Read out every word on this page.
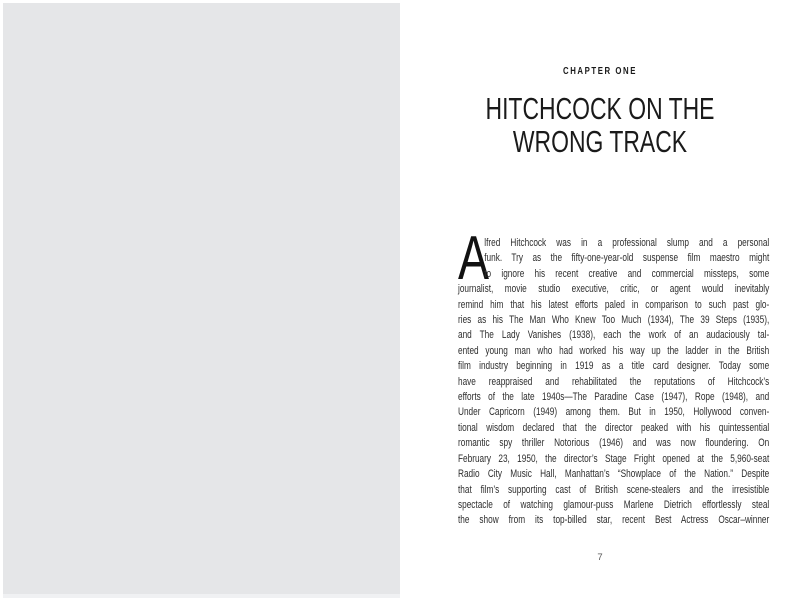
CHAPTER ONE
HITCHCOCK ON THE
WRONG TRACK
A
lfred Hitchcock was in a professional slump and a personal
funk. Try as the fifty-one-year-old suspense film maestro might
to ignore his recent creative and commercial missteps, some
journalist, movie studio executive, critic, or agent would inevitably
remind him that his latest efforts paled in comparison to such past glo-
ries as his The Man Who Knew Too Much (1934), The 39 Steps (1935),
and The Lady Vanishes (1938), each the work of an audaciously tal-
ented young man who had worked his way up the ladder in the British
film industry beginning in 1919 as a title card designer. Today some
have reappraised and rehabilitated the reputations of Hitchcock’s
efforts of the late 1940s—The Paradine Case (1947), Rope (1948), and
Under Capricorn (1949) among them. But in 1950, Hollywood conven-
tional wisdom declared that the director peaked with his quintessential
romantic spy thriller Notorious (1946) and was now floundering. On
February 23, 1950, the director’s Stage Fright opened at the 5,960-seat
Radio City Music Hall, Manhattan’s “Showplace of the Nation.” Despite
that film’s supporting cast of British scene-stealers and the irresistible
spectacle of watching glamour-puss Marlene Dietrich effortlessly steal
the show from its top-billed star, recent Best Actress Oscar–winner
7
